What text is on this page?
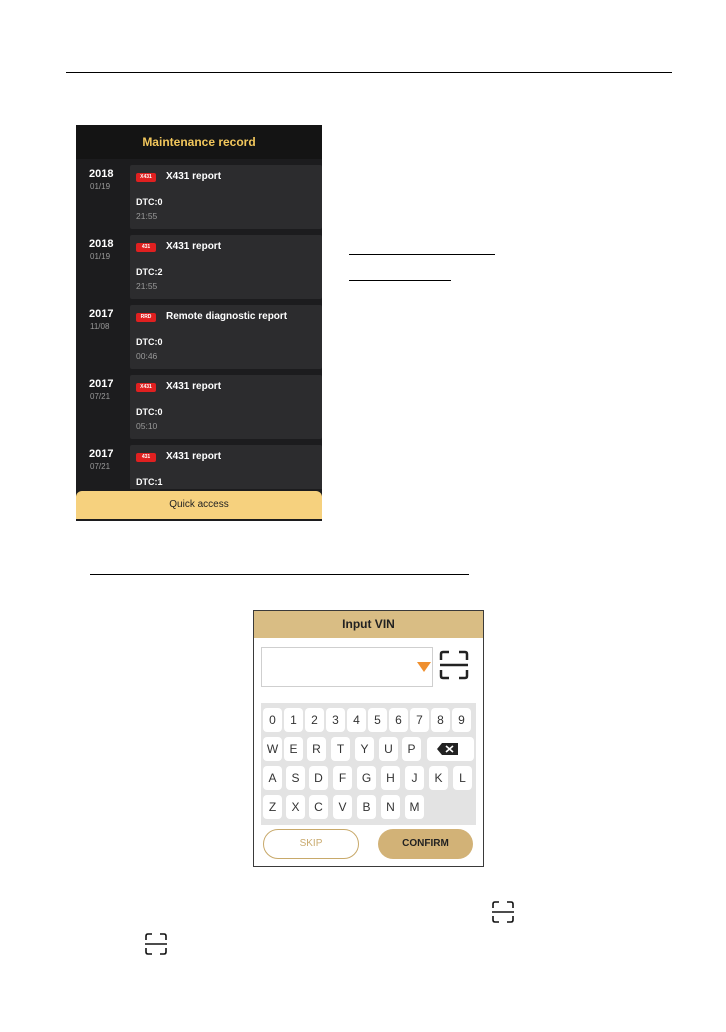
Maintenance record
2018
01/19
X431	X431 report
DTC:0
21:55
2018
01/19
431	X431 report
DTC:2
21:55
2017
11/08
RRD	Remote diagnostic report
DTC:0
00:46
2017
07/21
X431	X431 report
DTC:0
05:10
2017
07/21
431	X431 report
DTC:1
Quick access
Input VIN
0	1	2	3	4	5	6	7	8	9
W E	R	T	Y	U	P
A	S	D	F	G	H	J	K	L
Z	X	C	V	B	N	M
SKIP	CONFIRM
